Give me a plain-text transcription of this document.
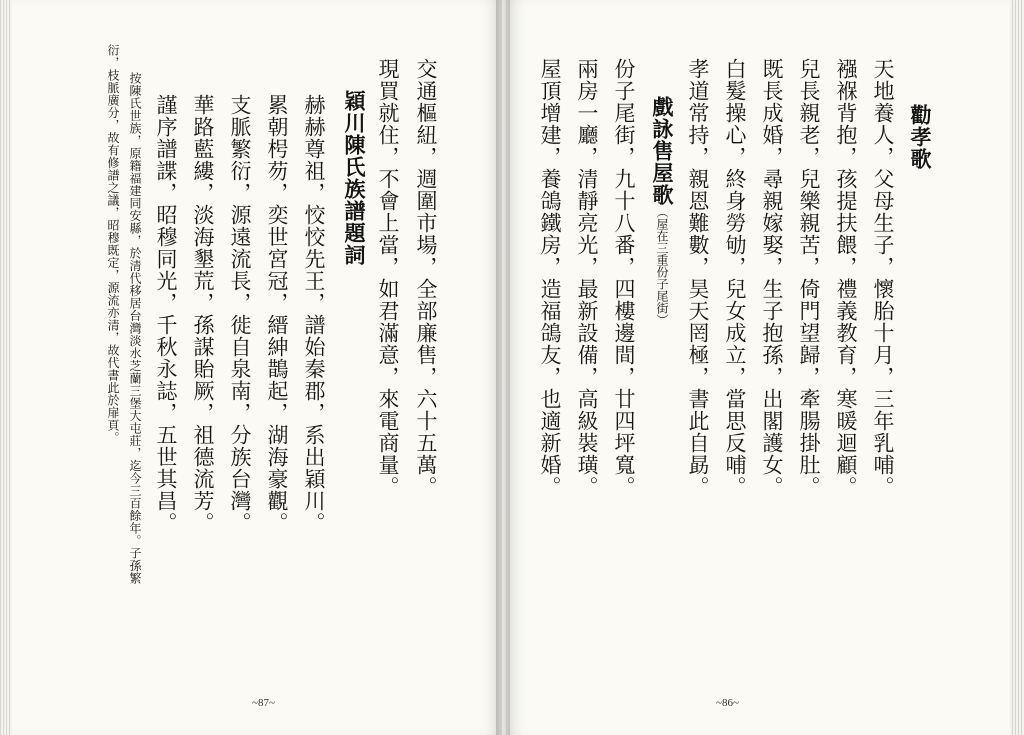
交通樞紐，週圍市場，全部廉售，六十五萬。
現買就住，不會上當，如君滿意，來電商量。
穎川陳氏族譜題詞
赫赫尊祖，恔恔先王，譜始秦郡，系出穎川。
累朝枵芴，奕世宮冠，縉紳鵲起，湖海豪觀。
支脈繁衍，源遠流長，徙自泉南，分族台灣。
華路藍縷，淡海墾荒，孫謀貽厥，祖德流芳。
謹序譜諜，昭穆同光，千秋永誌，五世其昌。
按陳氏世族，原籍福建同安縣，於清代移居台灣淡水芝蘭三堡大屯莊，迄今三百餘年。子孫繁
衍，枝脈廣分，故有修譜之議，昭穆既定，源流亦清，故代書此於扉頁。
~87~
勸孝歌
天地養人，父母生子，懷胎十月，三年乳哺。
襁褓背抱，孩提扶餵，禮義教育，寒暖迴顧。
兒長親老，兒樂親苦，倚門望歸，牽腸掛肚。
既長成婚，尋親嫁娶，生子抱孫，出閣護女。
白髮操心，終身勞劬，兒女成立，當思反哺。
孝道常持，親恩難數，昊天罔極，書此自勗。
戲詠售屋歌（屋在三重份子尾街）
份子尾街，九十八番，四樓邊間，廿四坪寬。
兩房一廳，清靜亮光，最新設備，高級裝璜。
屋頂增建，養鴿鐵房，造福鴿友，也適新婚。
~86~
